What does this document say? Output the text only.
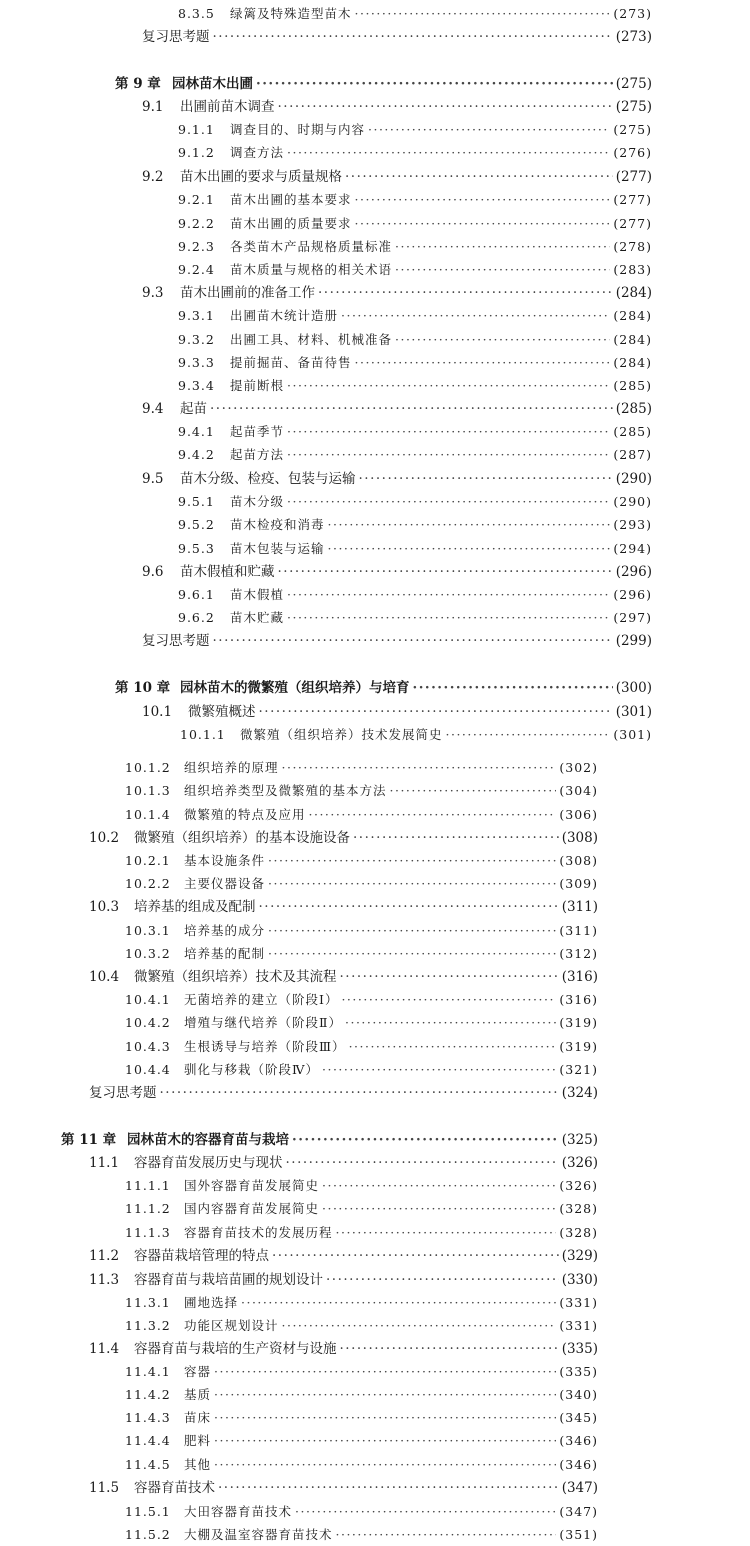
8.3.5	绿篱及特殊造型苗木 ·····	(273)
复习思考题 ·····	(273)
第 9 章 园林苗木出圃 ·····	(275)
9.1	出圃前苗木调查 ·····	(275)
9.1.1	调查目的、时期与内容 ·····	(275)
9.1.2	调查方法 ·····	(276)
9.2	苗木出圃的要求与质量规格 ·····	(277)
9.2.1	苗木出圃的基本要求 ·····	(277)
9.2.2	苗木出圃的质量要求 ·····	(277)
9.2.3	各类苗木产品规格质量标准 ·····	(278)
9.2.4	苗木质量与规格的相关术语 ·····	(283)
9.3	苗木出圃前的准备工作 ·····	(284)
9.3.1	出圃苗木统计造册 ·····	(284)
9.3.2	出圃工具、材料、机械准备 ·····	(284)
9.3.3	提前掘苗、备苗待售 ·····	(284)
9.3.4	提前断根 ·····	(285)
9.4	起苗 ·····	(285)
9.4.1	起苗季节 ·····	(285)
9.4.2	起苗方法 ·····	(287)
9.5	苗木分级、检疫、包装与运输 ·····	(290)
9.5.1	苗木分级 ·····	(290)
9.5.2	苗木检疫和消毒 ·····	(293)
9.5.3	苗木包装与运输 ·····	(294)
9.6	苗木假植和贮藏 ·····	(296)
9.6.1	苗木假植 ·····	(296)
9.6.2	苗木贮藏 ·····	(297)
复习思考题 ·····	(299)
第 10 章 园林苗木的微繁殖（组织培养）与培育 ·····	(300)
10.1	微繁殖概述 ·····	(301)
10.1.1	微繁殖（组织培养）技术发展简史 ·····	(301)
10.1.2	组织培养的原理 ·····	(302)
10.1.3	组织培养类型及微繁殖的基本方法 ·····	(304)
10.1.4	微繁殖的特点及应用 ·····	(306)
10.2	微繁殖（组织培养）的基本设施设备 ·····	(308)
10.2.1	基本设施条件 ·····	(308)
10.2.2	主要仪器设备 ·····	(309)
10.3	培养基的组成及配制 ·····	(311)
10.3.1	培养基的成分 ·····	(311)
10.3.2	培养基的配制 ·····	(312)
10.4	微繁殖（组织培养）技术及其流程 ·····	(316)
10.4.1	无菌培养的建立（阶段Ⅰ） ·····	(316)
10.4.2	增殖与继代培养（阶段Ⅱ） ·····	(319)
10.4.3	生根诱导与培养（阶段Ⅲ） ·····	(319)
10.4.4	驯化与移栽（阶段Ⅳ） ·····	(321)
复习思考题 ·····	(324)
第 11 章 园林苗木的容器育苗与栽培 ·····	(325)
11.1	容器育苗发展历史与现状 ·····	(326)
11.1.1	国外容器育苗发展简史 ·····	(326)
11.1.2	国内容器育苗发展简史 ·····	(328)
11.1.3	容器育苗技术的发展历程 ·····	(328)
11.2	容器苗栽培管理的特点 ·····	(329)
11.3	容器育苗与栽培苗圃的规划设计 ·····	(330)
11.3.1	圃地选择 ·····	(331)
11.3.2	功能区规划设计 ·····	(331)
11.4	容器育苗与栽培的生产资材与设施 ·····	(335)
11.4.1	容器 ·····	(335)
11.4.2	基质 ·····	(340)
11.4.3	苗床 ·····	(345)
11.4.4	肥料 ·····	(346)
11.4.5	其他 ·····	(346)
11.5	容器育苗技术 ·····	(347)
11.5.1	大田容器育苗技术 ·····	(347)
11.5.2	大棚及温室容器育苗技术 ·····	(351)
